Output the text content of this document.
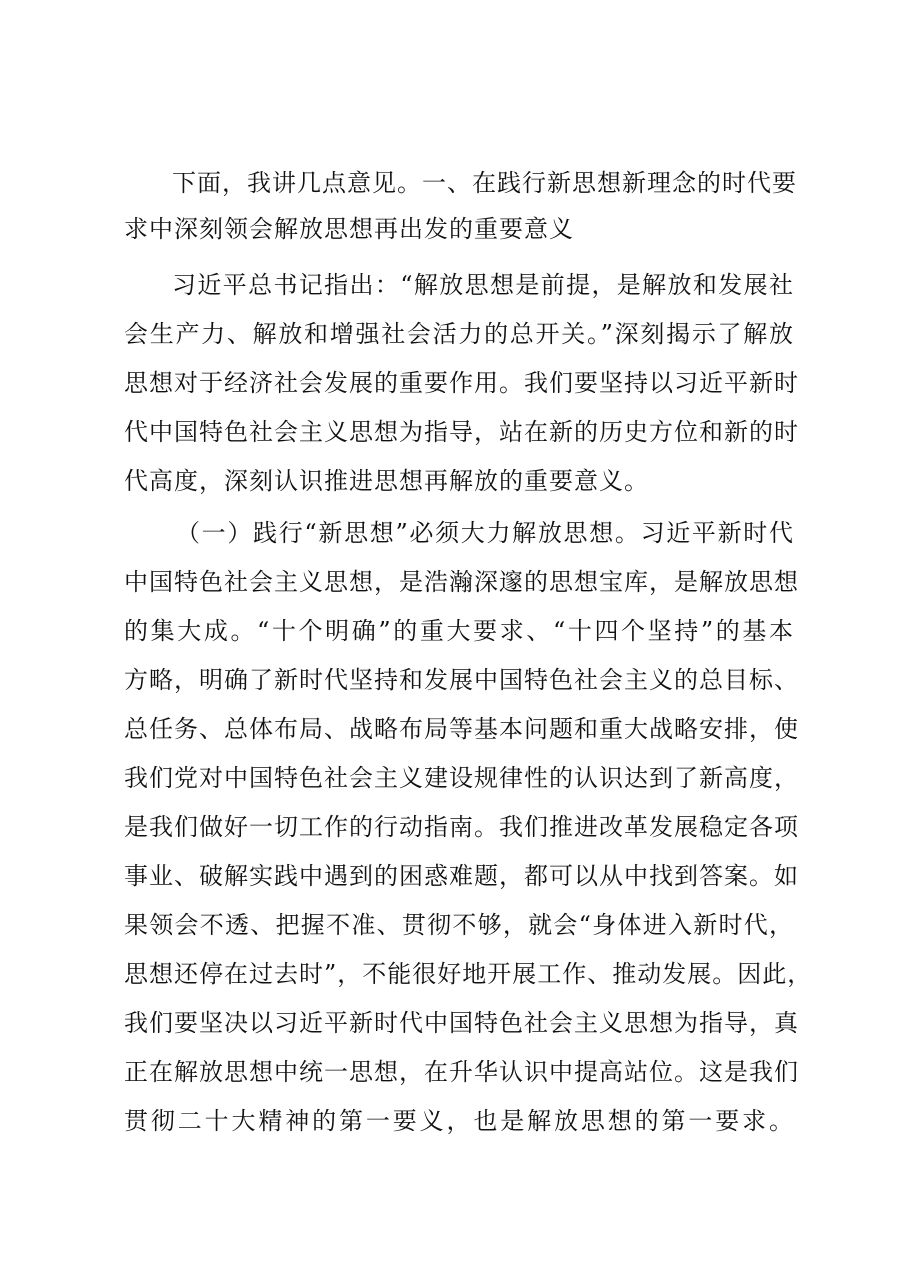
下面，我讲几点意见。一、在践行新思想新理念的时代要
求中深刻领会解放思想再出发的重要意义
习近平总书记指出：“解放思想是前提，是解放和发展社
会生产力、解放和增强社会活力的总开关。”深刻揭示了解放
思想对于经济社会发展的重要作用。我们要坚持以习近平新时
代中国特色社会主义思想为指导，站在新的历史方位和新的时
代高度，深刻认识推进思想再解放的重要意义。
（一）践行“新思想”必须大力解放思想。习近平新时代
中国特色社会主义思想，是浩瀚深邃的思想宝库，是解放思想
的集大成。“十个明确”的重大要求、“十四个坚持”的基本
方略，明确了新时代坚持和发展中国特色社会主义的总目标、
总任务、总体布局、战略布局等基本问题和重大战略安排，使
我们党对中国特色社会主义建设规律性的认识达到了新高度，
是我们做好一切工作的行动指南。我们推进改革发展稳定各项
事业、破解实践中遇到的困惑难题，都可以从中找到答案。如
果领会不透、把握不准、贯彻不够，就会“身体进入新时代，
思想还停在过去时”，不能很好地开展工作、推动发展。因此，
我们要坚决以习近平新时代中国特色社会主义思想为指导，真
正在解放思想中统一思想，在升华认识中提高站位。这是我们
贯彻二十大精神的第一要义，也是解放思想的第一要求。
